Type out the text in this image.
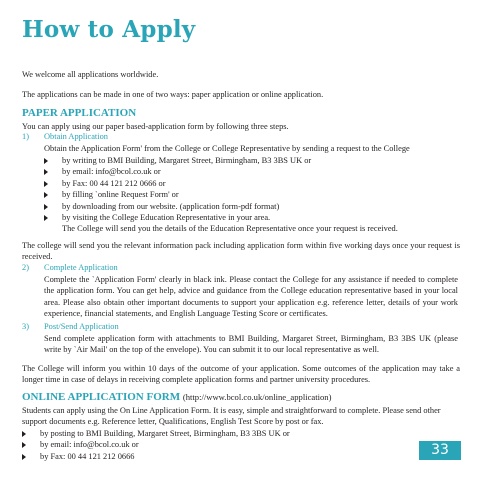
How to Apply
We welcome all applications worldwide.
The applications can be made in one of two ways: paper application or online application.
PAPER APPLICATION
You can apply using our paper based-application form by following three steps.
1) Obtain Application
Obtain the Application Form' from the College or College Representative by sending a request to the College
by writing to BMI Building, Margaret Street, Birmingham, B3 3BS UK or
by email: info@bcol.co.uk or
by Fax: 00 44 121 212 0666 or
by filling `online Request Form' or
by downloading from our website. (application form-pdf format)
by visiting the College Education Representative in your area.
The College will send you the details of the Education Representative once your request is received.
The college will send you the relevant information pack including application form within five working days once your request is received.
2) Complete Application
Complete the `Application Form' clearly in black ink. Please contact the College for any assistance if needed to complete the application form. You can get help, advice and guidance from the College education representative based in your local area. Please also obtain other important documents to support your application e.g. reference letter, details of your work experience, financial statements, and English Language Testing Score or certificates.
3) Post/Send Application
Send complete application form with attachments to BMI Building, Margaret Street, Birmingham, B3 3BS UK (please write by `Air Mail' on the top of the envelope). You can submit it to our local representative as well.
The College will inform you within 10 days of the outcome of your application. Some outcomes of the application may take a longer time in case of delays in receiving complete application forms and partner university procedures.
ONLINE APPLICATION FORM (http://www.bcol.co.uk/online_application)
Students can apply using the On Line Application Form. It is easy, simple and straightforward to complete. Please send other support documents e.g. Reference letter, Qualifications, English Test Score by post or fax.
by posting to BMI Building, Margaret Street, Birmingham, B3 3BS UK or
by email: info@bcol.co.uk or
by Fax: 00 44 121 212 0666	33
